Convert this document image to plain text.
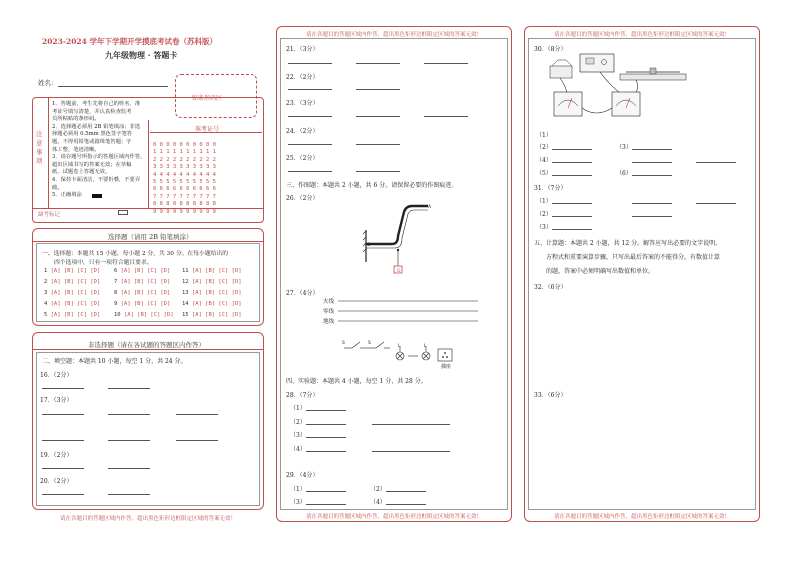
2023-2024 学年下学期开学摸底考试卷（苏科版）
九年级物理 · 答题卡
姓名：
贴条形码区
注意事项
1．答题前，考生先将自己的姓名、准
考证号填写清楚，并认真检查监考
员所粘贴的条形码。
2．选择题必须用 2B 铅笔填涂；非选
择题必须用 0.5mm 黑色签字笔答
题，不得用铅笔或圆珠笔答题；字
体工整、笔迹清晰。
3．请在题号所指示的答题区域内作答，
超出区域书写的答案无效；在草稿
纸、试题卷上答题无效。
4．保持卡面清洁，不要折叠，不要弄
破。
5．正确填涂
缺考标记
准考证号
0 0 0 0 0 0 0 0 0 0
1 1 1 1 1 1 1 1 1 1
2 2 2 2 2 2 2 2 2 2
3 3 3 3 3 3 3 3 3 3
4 4 4 4 4 4 4 4 4 4
5 5 5 5 5 5 5 5 5 5
6 6 6 6 6 6 6 6 6 6
7 7 7 7 7 7 7 7 7 7
8 8 8 8 8 8 8 8 8 8
9 9 9 9 9 9 9 9 9 9
选择题（请用 2B 铅笔填涂）
一、选择题：本题共 15 小题，每小题 2 分，共 30 分。在每小题给出的
四个选项中，只有一项符合题目要求。
1 [A] [B] [C] [D]
2 [A] [B] [C] [D]
3 [A] [B] [C] [D]
4 [A] [B] [C] [D]
5 [A] [B] [C] [D]
6 [A] [B] [C] [D]
7 [A] [B] [C] [D]
8 [A] [B] [C] [D]
9 [A] [B] [C] [D]
10 [A] [B] [C] [D]
11 [A] [B] [C] [D]
12 [A] [B] [C] [D]
13 [A] [B] [C] [D]
14 [A] [B] [C] [D]
15 [A] [B] [C] [D]
非选择题（请在各试题的答题区内作答）
二、填空题：本题共 10 小题，每空 1 分，共 24 分。
16．（2分）
17．（3分）
19．（2分）
20．（2分）
请在各题目的答题区域内作答，超出黑色矩形边框限定区域的答案无效！
请在各题目的答题区域内作答，超出黑色矩形边框限定区域的答案无效！
21．（3分）
22．（2分）
23．（3分）
24．（2分）
25．（2分）
三、作图题：本题共 2 小题，共 6 分。请保留必要的作图痕迹。
26．（2分）
G
O
A
27．（4分）
火线
零线
地线
S	S
L	L
插座
四、实验题：本题共 4 小题，每空 1 分，共 28 分。
28．（7分）
（1）
（2）
（3）
（4）
29．（4分）
（1）	（2）
（3）	（4）
请在各题目的答题区域内作答，超出黑色矩形边框限定区域的答案无效！
请在各题目的答题区域内作答，超出黑色矩形边框限定区域的答案无效！
30．（8分）
（1）
（3）
（2）
（4）
（5）	（6）
31．（7分）
（1）
（2）
（3）
五、计算题：本题共 2 小题，共 12 分。解答应写出必要的文字说明、
方程式和重要演算步骤，只写出最后答案的不能得分。有数值计算
的题，答案中必须明确写出数值和单位。
32．（6分）
33．（6分）
请在各题目的答题区域内作答，超出黑色矩形边框限定区域的答案无效！
